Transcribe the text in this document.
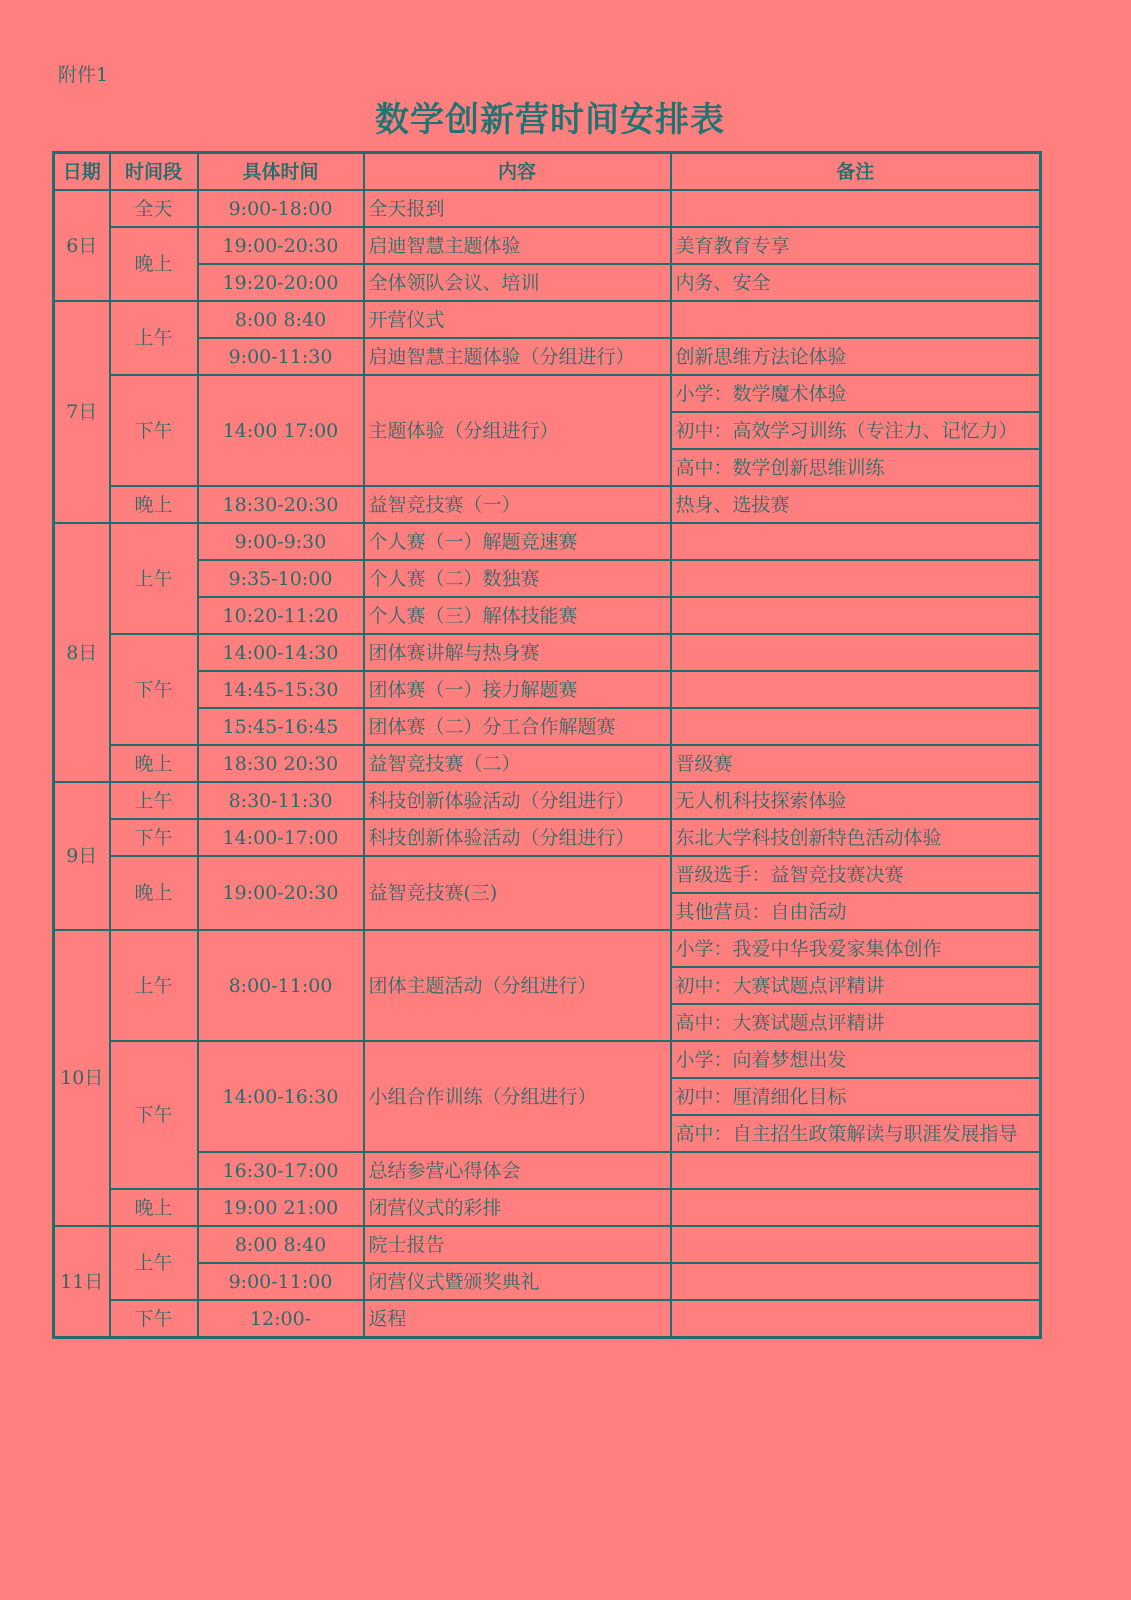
附件1
数学创新营时间安排表
日期	时间段	具体时间	内容	备注
6日	全天	9:00-18:00	全天报到	
	晚上	19:00-20:30	启迪智慧主题体验	美育教育专享
		19:20-20:00	全体领队会议、培训	内务、安全
7日	上午	8:00 8:40	开营仪式	
		9:00-11:30	启迪智慧主题体验（分组进行）	创新思维方法论体验
	下午	14:00 17:00	主题体验（分组进行）	小学：数学魔术体验
				初中：高效学习训练（专注力、记忆力）
				高中：数学创新思维训练
	晚上	18:30-20:30	益智竞技赛（一）	热身、选拔赛
8日	上午	9:00-9:30	个人赛（一）解题竞速赛	
		9:35-10:00	个人赛（二）数独赛	
		10:20-11:20	个人赛（三）解体技能赛	
	下午	14:00-14:30	团体赛讲解与热身赛	
		14:45-15:30	团体赛（一）接力解题赛	
		15:45-16:45	团体赛（二）分工合作解题赛	
	晚上	18:30 20:30	益智竞技赛（二）	晋级赛
9日	上午	8:30-11:30	科技创新体验活动（分组进行）	无人机科技探索体验
	下午	14:00-17:00	科技创新体验活动（分组进行）	东北大学科技创新特色活动体验
	晚上	19:00-20:30	益智竞技赛(三)	晋级选手：益智竞技赛决赛
				其他营员：自由活动
10日	上午	8:00-11:00	团体主题活动（分组进行）	小学：我爱中华我爱家集体创作
				初中：大赛试题点评精讲
				高中：大赛试题点评精讲
	下午	14:00-16:30	小组合作训练（分组进行）	小学：向着梦想出发
				初中：厘清细化目标
				高中：自主招生政策解读与职涯发展指导
		16:30-17:00	总结参营心得体会	
	晚上	19:00 21:00	闭营仪式的彩排	
11日	上午	8:00 8:40	院士报告	
		9:00-11:00	闭营仪式暨颁奖典礼	
	下午	12:00-	返程	
